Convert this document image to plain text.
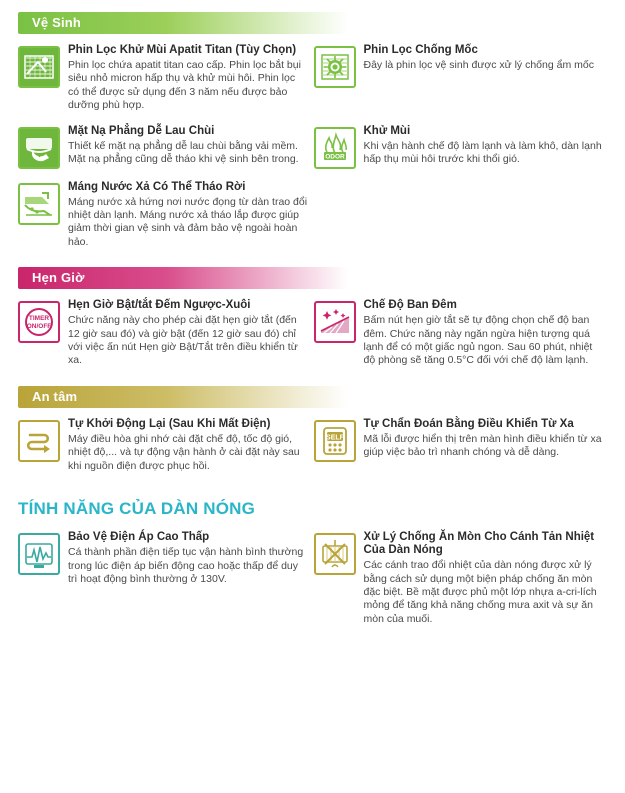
Vệ Sinh

Phin Lọc Khử Mùi Apatit Titan (Tùy Chọn)

Phin lọc chứa apatit titan cao cấp. Phin lọc bắt bụi siêu nhỏ micron hấp thụ và khử mùi hôi. Phin lọc có thể được sử dụng đến 3 năm nếu được bảo dưỡng phù hợp.

Phin Lọc Chống Mốc

Đây là phin lọc vệ sinh được xử lý chống ẩm mốc

Mặt Nạ Phẳng Dễ Lau Chùi

Thiết kế mặt nạ phẳng dễ lau chùi bằng vải mềm. Mặt nạ phẳng cũng dễ tháo khi vệ sinh bên trong.	ODOR

Khử Mùi

Khi vận hành chế độ làm lạnh và làm khô, dàn lạnh hấp thụ mùi hôi trước khi thổi gió.

Máng Nước Xả Có Thể Tháo Rời

Máng nước xả hứng nơi nước đọng từ dàn trao đổi nhiệt dàn lạnh. Máng nước xả tháo lắp được giúp giảm thời gian vệ sinh và đảm bảo vệ ngoài hoàn hảo.

Hẹn Giờ
TIMER
ON/OFF

Hẹn Giờ Bật/tắt Đếm Ngược-Xuôi

Chức năng này cho phép cài đặt hẹn giờ tắt (đến 12 giờ sau đó) và giờ bật (đến 12 giờ sau đó) chỉ với việc ấn nút Hẹn giờ Bật/Tắt trên điều khiển từ xa.

Chế Độ Ban Đêm

Bấm nút hẹn giờ tắt sẽ tự động chọn chế độ ban đêm. Chức năng này ngăn ngừa hiện tượng quá lạnh để có một giấc ngủ ngon. Sau 60 phút, nhiệt độ phòng sẽ tăng 0.5°C đối với chế độ làm lạnh.

An tâm

Tự Khởi Động Lại (Sau Khi Mất Điện)

Máy điều hòa ghi nhớ cài đặt chế độ, tốc độ gió, nhiệt độ,... và tự động vận hành ở cài đặt này sau khi nguồn điện được phục hồi.

SELF

Tự Chẩn Đoán Bằng Điều Khiển Từ Xa

Mã lỗi được hiển thị trên màn hình điều khiển từ xa giúp việc bảo trì nhanh chóng và dễ dàng.

TÍNH NĂNG CỦA DÀN NÓNG

Bảo Vệ Điện Áp Cao Thấp

Cá thành phần điện tiếp tục vận hành bình thường trong lúc điện áp biến động cao hoặc thấp để duy trì hoạt động bình thường ở 130V.

Xử Lý Chống Ăn Mòn Cho Cánh Tản Nhiệt Của Dàn Nóng

Các cánh trao đổi nhiệt của dàn nóng được xử lý bằng cách sử dụng một biện pháp chống ăn mòn đặc biệt. Bề mặt được phủ một lớp nhựa a-cri-lích mỏng để tăng khả năng chống mưa axit và sự ăn mòn của muối.
